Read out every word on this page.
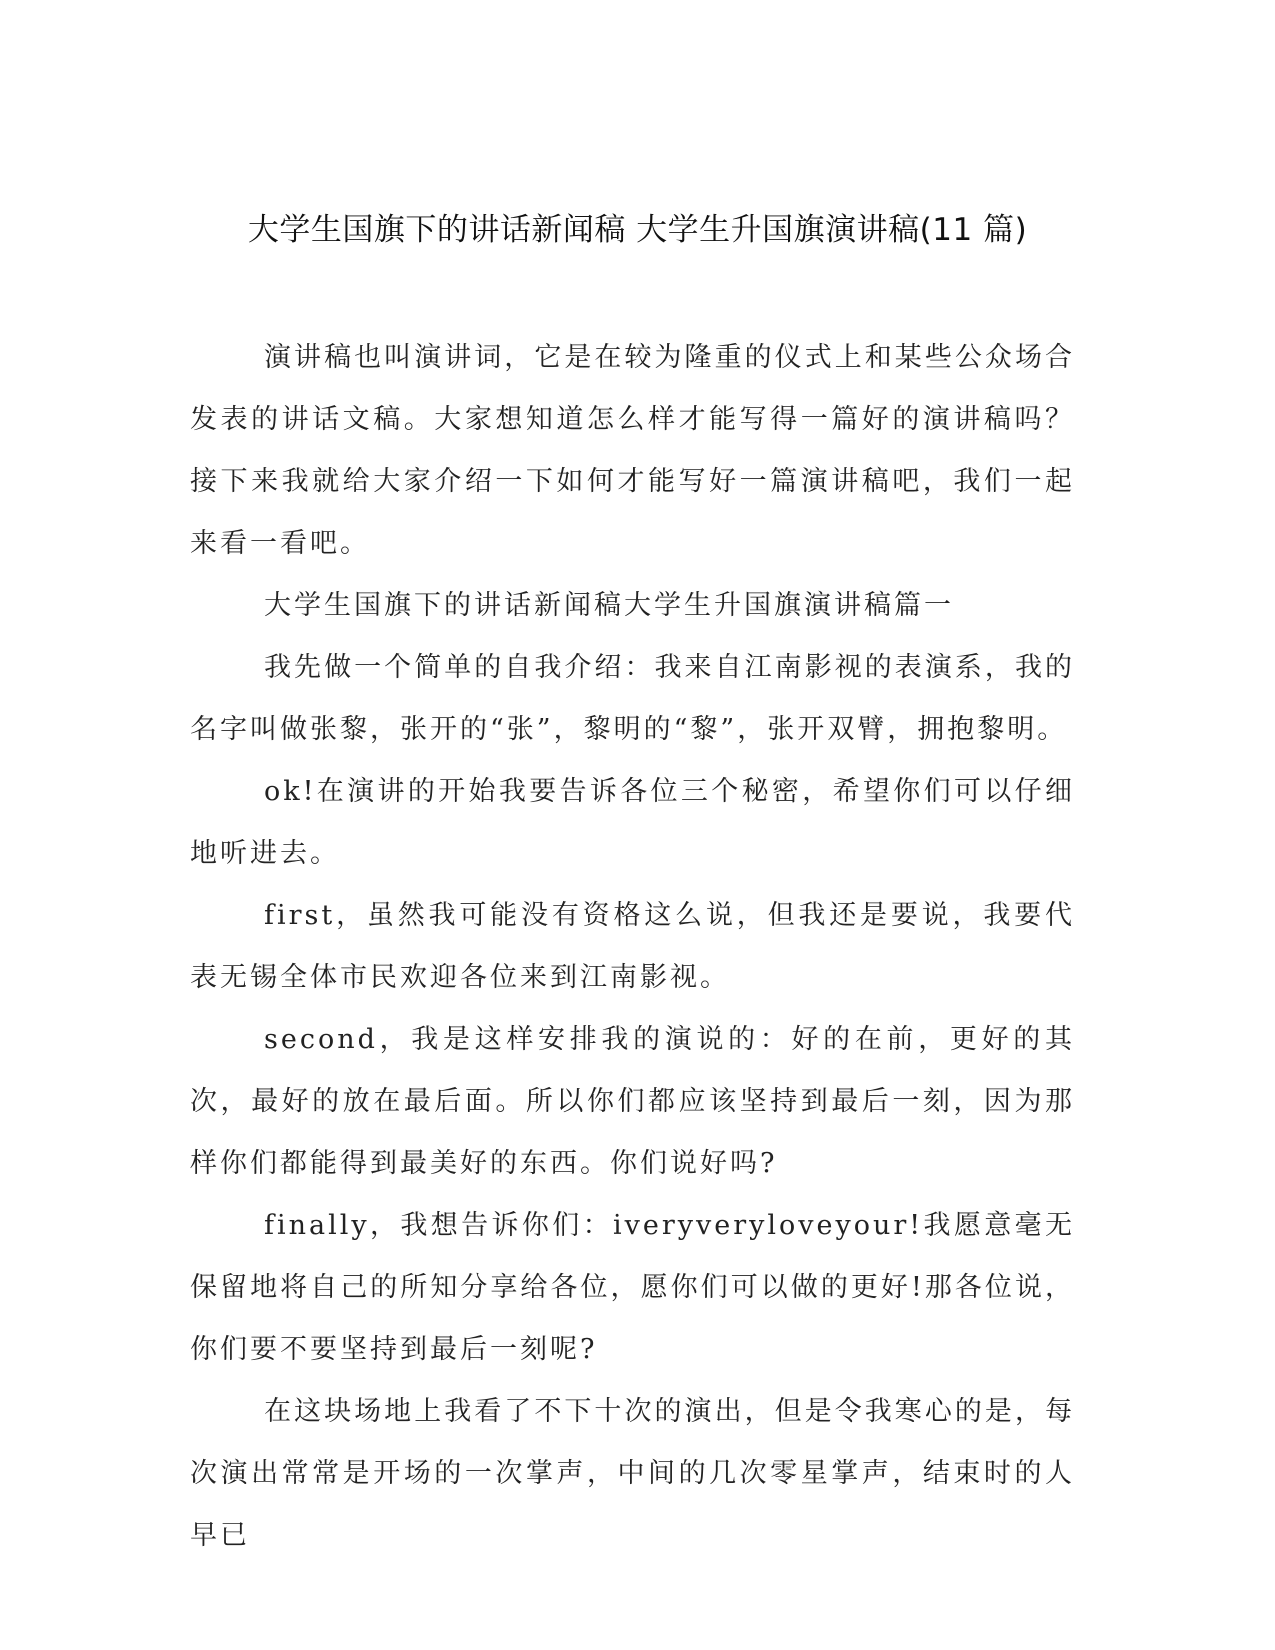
大学生国旗下的讲话新闻稿 大学生升国旗演讲稿(11 篇)

演讲稿也叫演讲词，它是在较为隆重的仪式上和某些公众场合发表的讲话文稿。大家想知道怎么样才能写得一篇好的演讲稿吗？接下来我就给大家介绍一下如何才能写好一篇演讲稿吧，我们一起来看一看吧。

大学生国旗下的讲话新闻稿大学生升国旗演讲稿篇一

我先做一个简单的自我介绍：我来自江南影视的表演系，我的名字叫做张黎，张开的“张”，黎明的“黎”，张开双臂，拥抱黎明。

ok!在演讲的开始我要告诉各位三个秘密，希望你们可以仔细地听进去。

first，虽然我可能没有资格这么说，但我还是要说，我要代表无锡全体市民欢迎各位来到江南影视。

second，我是这样安排我的演说的：好的在前，更好的其次，最好的放在最后面。所以你们都应该坚持到最后一刻，因为那样你们都能得到最美好的东西。你们说好吗?

finally，我想告诉你们：iveryveryloveyour!我愿意毫无保留地将自己的所知分享给各位，愿你们可以做的更好!那各位说，你们要不要坚持到最后一刻呢?

在这块场地上我看了不下十次的演出，但是令我寒心的是，每次演出常常是开场的一次掌声，中间的几次零星掌声，结束时的人早已
